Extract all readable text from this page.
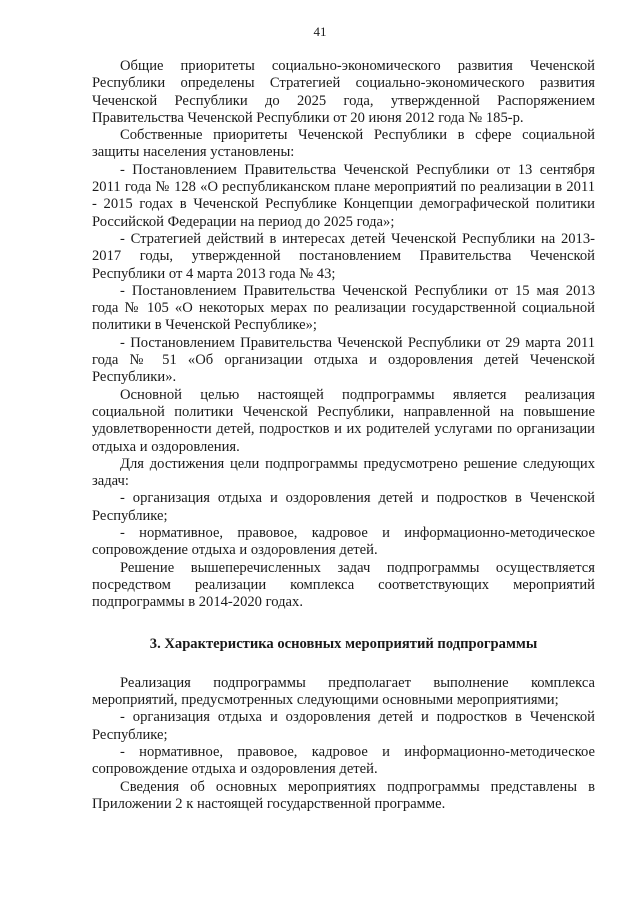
41

Общие приоритеты социально-экономического развития Чеченской Республики определены Стратегией социально-экономического развития Чеченской Республики до 2025 года, утвержденной Распоряжением Правительства Чеченской Республики от 20 июня 2012 года № 185-р.

Собственные приоритеты Чеченской Республики в сфере социальной защиты населения установлены:

- Постановлением Правительства Чеченской Республики от 13 сентября 2011 года № 128 «О республиканском плане мероприятий по реализации в 2011 - 2015 годах в Чеченской Республике Концепции демографической политики Российской Федерации на период до 2025 года»;

- Стратегией действий в интересах детей Чеченской Республики на 2013-2017 годы, утвержденной постановлением Правительства Чеченской Республики от 4 марта 2013 года № 43;

- Постановлением Правительства Чеченской Республики от 15 мая 2013 года № 105 «О некоторых мерах по реализации государственной социальной политики в Чеченской Республике»;

- Постановлением Правительства Чеченской Республики от 29 марта 2011 года № 51 «Об организации отдыха и оздоровления детей Чеченской Республики».

Основной целью настоящей подпрограммы является реализация социальной политики Чеченской Республики, направленной на повышение удовлетворенности детей, подростков и их родителей услугами по организации отдыха и оздоровления.

Для достижения цели подпрограммы предусмотрено решение следующих задач:

- организация отдыха и оздоровления детей и подростков в Чеченской Республике;

- нормативное, правовое, кадровое и информационно-методическое сопровождение отдыха и оздоровления детей.

Решение вышеперечисленных задач подпрограммы осуществляется посредством реализации комплекса соответствующих мероприятий подпрограммы в 2014-2020 годах.

3. Характеристика основных мероприятий подпрограммы

Реализация подпрограммы предполагает выполнение комплекса мероприятий, предусмотренных следующими основными мероприятиями;

- организация отдыха и оздоровления детей и подростков в Чеченской Республике;

- нормативное, правовое, кадровое и информационно-методическое сопровождение отдыха и оздоровления детей.

Сведения об основных мероприятиях подпрограммы представлены в Приложении 2 к настоящей государственной программе.
